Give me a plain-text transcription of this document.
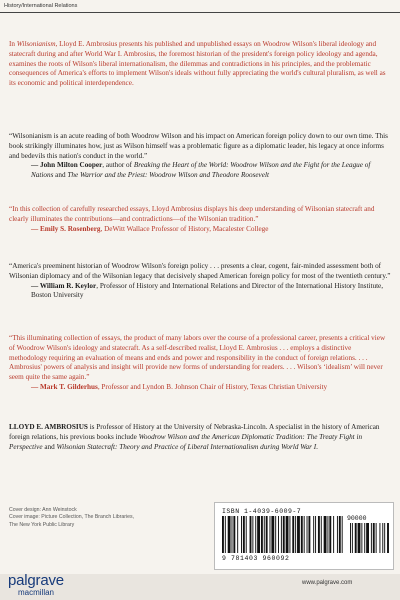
History/International Relations
In Wilsonianism, Lloyd E. Ambrosius presents his published and unpublished essays on Woodrow Wilson's liberal ideology and statecraft during and after World War I. Ambrosius, the foremost historian of the president's foreign policy ideology and agenda, examines the roots of Wilson's liberal internationalism, the dilemmas and contradictions in his principles, and the problematic consequences of America's efforts to implement Wilson's ideals without fully appreciating the world's cultural pluralism, as well as its economic and political interdependence.
“Wilsonianism is an acute reading of both Woodrow Wilson and his impact on American foreign policy down to our own time. This book strikingly illuminates how, just as Wilson himself was a problematic figure as a diplomatic leader, his legacy at once informs and bedevils this nation's conduct in the world.”
— John Milton Cooper, author of Breaking the Heart of the World: Woodrow Wilson and the Fight for the League of Nations and The Warrior and the Priest: Woodrow Wilson and Theodore Roosevelt
“In this collection of carefully researched essays, Lloyd Ambrosius displays his deep understanding of Wilsonian statecraft and clearly illuminates the contributions—and contradictions—of the Wilsonian tradition.”
— Emily S. Rosenberg, DeWitt Wallace Professor of History, Macalester College
“America's preeminent historian of Woodrow Wilson's foreign policy . . . presents a clear, cogent, fair-minded assessment both of Wilsonian diplomacy and of the Wilsonian legacy that decisively shaped American foreign policy for most of the twentieth century.”
— William R. Keylor, Professor of History and International Relations and Director of the International History Institute, Boston University
“This illuminating collection of essays, the product of many labors over the course of a professional career, presents a critical view of Woodrow Wilson's ideology and statecraft. As a self-described realist, Lloyd E. Ambrosius . . . employs a distinctive methodology requiring an evaluation of means and ends and power and responsibility in the conduct of foreign relations. . . . Ambrosius' powers of analysis and insight will provide new forms of understanding for readers. . . . Wilson's ‘idealism’ will never seem quite the same again.”
— Mark T. Gilderhus, Professor and Lyndon B. Johnson Chair of History, Texas Christian University
LLOYD E. AMBROSIUS is Professor of History at the University of Nebraska-Lincoln. A specialist in the history of American foreign relations, his previous books include Woodrow Wilson and the American Diplomatic Tradition: The Treaty Fight in Perspective and Wilsonian Statecraft: Theory and Practice of Liberal Internationalism during World War I.
Cover design: Ann Weinstock
Cover image: Picture Collection, The Branch Libraries,
The New York Public Library
ISBN 1-4039-6009-7
90000
9 781403 960092
palgrave
macmillan
www.palgrave.com
